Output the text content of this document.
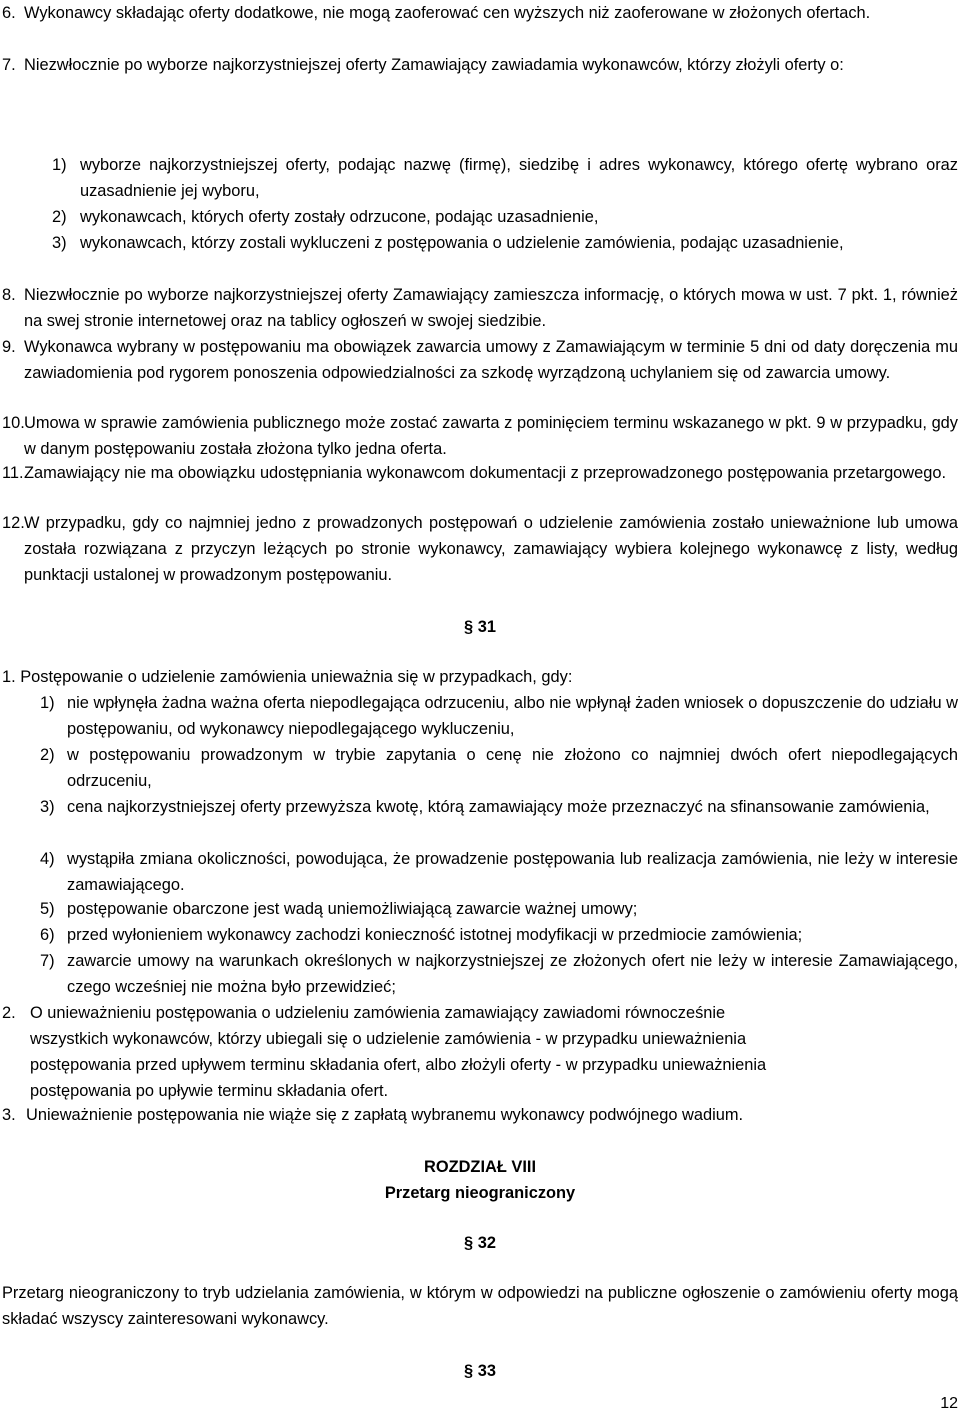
6. Wykonawcy składając oferty dodatkowe, nie mogą zaoferować cen wyższych niż zaoferowane w złożonych ofertach.
7. Niezwłocznie po wyborze najkorzystniejszej oferty Zamawiający zawiadamia wykonawców, którzy złożyli oferty o:
1) wyborze najkorzystniejszej oferty, podając nazwę (firmę), siedzibę i adres wykonawcy, którego ofertę wybrano oraz uzasadnienie jej wyboru,
2) wykonawcach, których oferty zostały odrzucone, podając uzasadnienie,
3) wykonawcach, którzy zostali wykluczeni z postępowania o udzielenie zamówienia, podając uzasadnienie,
8. Niezwłocznie po wyborze najkorzystniejszej oferty Zamawiający zamieszcza informację, o których mowa w ust. 7 pkt. 1, również na swej stronie internetowej oraz na tablicy ogłoszeń w swojej siedzibie.
9. Wykonawca wybrany w postępowaniu ma obowiązek zawarcia umowy z Zamawiającym w terminie 5 dni od daty doręczenia mu zawiadomienia pod rygorem ponoszenia odpowiedzialności za szkodę wyrządzoną uchylaniem się od zawarcia umowy.
10. Umowa w sprawie zamówienia publicznego może zostać zawarta z pominięciem terminu wskazanego w pkt. 9 w przypadku, gdy w danym postępowaniu została złożona tylko jedna oferta.
11. Zamawiający nie ma obowiązku udostępniania wykonawcom dokumentacji z przeprowadzonego postępowania przetargowego.
12. W przypadku, gdy co najmniej jedno z prowadzonych postępowań o udzielenie zamówienia zostało unieważnione lub umowa została rozwiązana z przyczyn leżących po stronie wykonawcy, zamawiający wybiera kolejnego wykonawcę z listy, według punktacji ustalonej w prowadzonym postępowaniu.
§ 31
1. Postępowanie o udzielenie zamówienia unieważnia się w przypadkach, gdy:
1) nie wpłynęła żadna ważna oferta niepodlegająca odrzuceniu, albo nie wpłynął żaden wniosek o dopuszczenie do udziału w postępowaniu, od wykonawcy niepodlegającego wykluczeniu,
2) w postępowaniu prowadzonym w trybie zapytania o cenę nie złożono co najmniej dwóch ofert niepodlegających odrzuceniu,
3) cena najkorzystniejszej oferty przewyższa kwotę, którą zamawiający może przeznaczyć na sfinansowanie zamówienia,
4) wystąpiła zmiana okoliczności, powodująca, że prowadzenie postępowania lub realizacja zamówienia, nie leży w interesie zamawiającego.
5) postępowanie obarczone jest wadą uniemożliwiającą zawarcie ważnej umowy;
6) przed wyłonieniem wykonawcy zachodzi konieczność istotnej modyfikacji w przedmiocie zamówienia;
7) zawarcie umowy na warunkach określonych w najkorzystniejszej ze złożonych ofert nie leży w interesie Zamawiającego, czego wcześniej nie można było przewidzieć;
2. O unieważnieniu postępowania o udzieleniu zamówienia zamawiający zawiadomi równocześnie
wszystkich wykonawców, którzy ubiegali się o udzielenie zamówienia - w przypadku unieważnienia
postępowania przed upływem terminu składania ofert, albo złożyli oferty - w przypadku unieważnienia
postępowania po upływie terminu składania ofert.
3. Unieważnienie postępowania nie wiąże się z zapłatą wybranemu wykonawcy podwójnego wadium.
ROZDZIAŁ VIII
Przetarg nieograniczony
§ 32
Przetarg nieograniczony to tryb udzielania zamówienia, w którym w odpowiedzi na publiczne ogłoszenie o zamówieniu oferty mogą składać wszyscy zainteresowani wykonawcy.
§ 33
12
